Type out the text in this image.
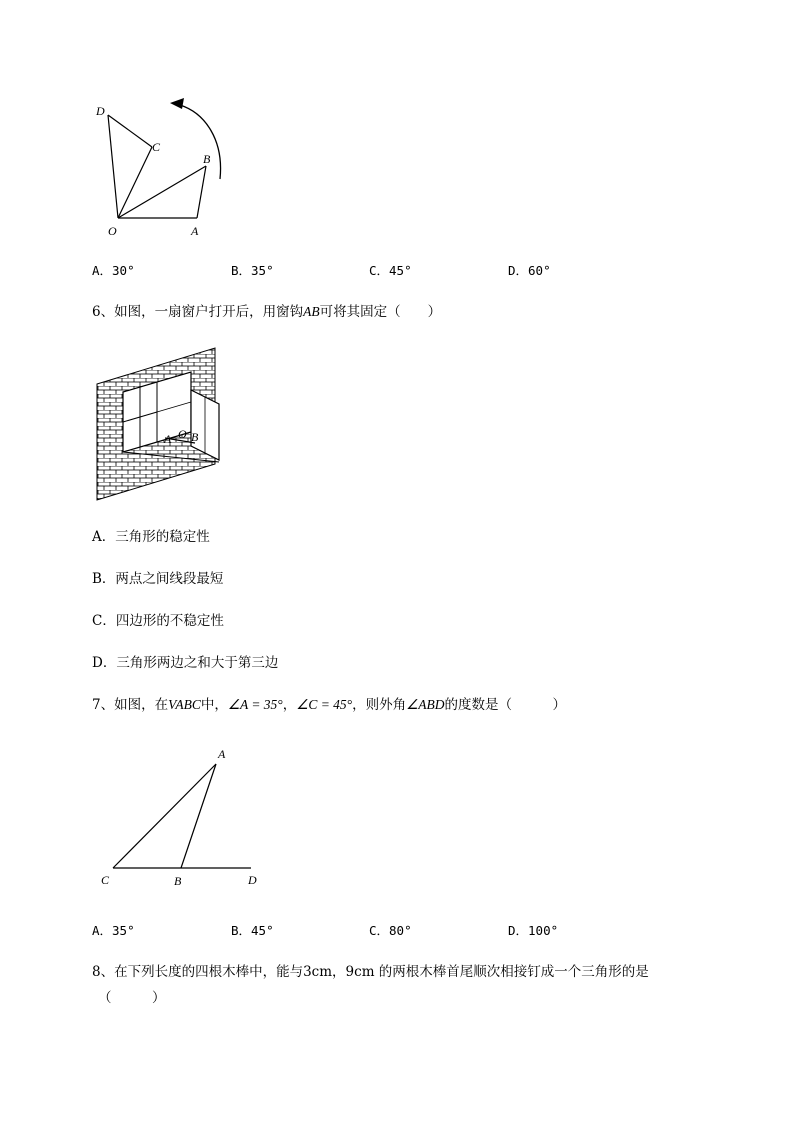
D
C
B
O	A
A．30°	B．35°	C．45°	D．60°
6、如图，一扇窗户打开后，用窗钩AB可将其固定（　　）
A O B
A．三角形的稳定性
B．两点之间线段最短
C．四边形的不稳定性
D．三角形两边之和大于第三边
7、如图，在VABC中，∠A = 35°，∠C = 45°，则外角∠ABD的度数是（　　　）
A
C	B	D
A．35°	B．45°	C．80°	D．100°
8、在下列长度的四根木棒中，能与3cm，9cm 的两根木棒首尾顺次相接钉成一个三角形的是
（　　　）
